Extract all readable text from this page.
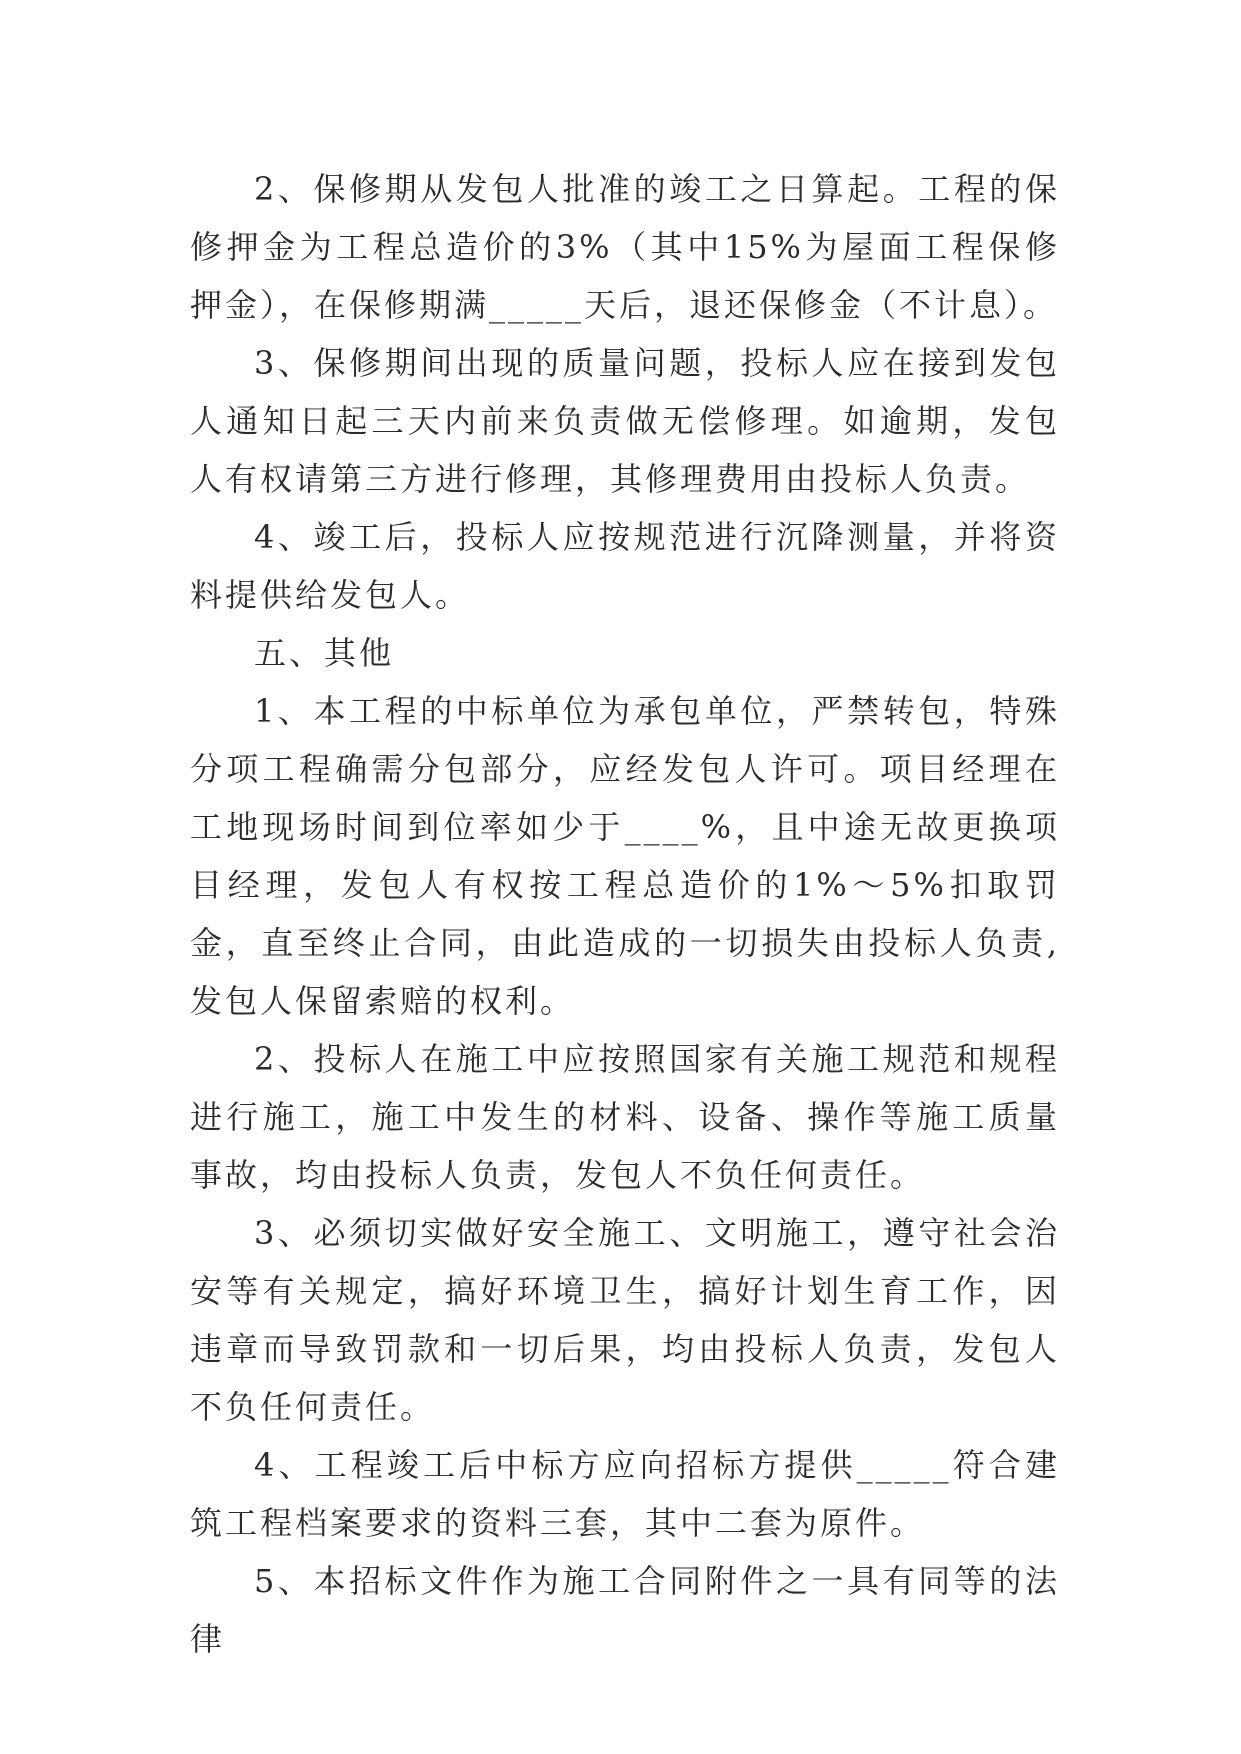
2、保修期从发包人批准的竣工之日算起。工程的保修押金为工程总造价的3%（其中15%为屋面工程保修押金），在保修期满_____天后，退还保修金（不计息）。

3、保修期间出现的质量问题，投标人应在接到发包人通知日起三天内前来负责做无偿修理。如逾期，发包人有权请第三方进行修理，其修理费用由投标人负责。

4、竣工后，投标人应按规范进行沉降测量，并将资料提供给发包人。

五、其他

1、本工程的中标单位为承包单位，严禁转包，特殊分项工程确需分包部分，应经发包人许可。项目经理在工地现场时间到位率如少于____%，且中途无故更换项目经理，发包人有权按工程总造价的1%～5%扣取罚金，直至终止合同，由此造成的一切损失由投标人负责,发包人保留索赔的权利。

2、投标人在施工中应按照国家有关施工规范和规程进行施工，施工中发生的材料、设备、操作等施工质量事故，均由投标人负责，发包人不负任何责任。

3、必须切实做好安全施工、文明施工，遵守社会治安等有关规定，搞好环境卫生，搞好计划生育工作，因违章而导致罚款和一切后果，均由投标人负责，发包人不负任何责任。

4、工程竣工后中标方应向招标方提供_____符合建筑工程档案要求的资料三套，其中二套为原件。

5、本招标文件作为施工合同附件之一具有同等的法律
